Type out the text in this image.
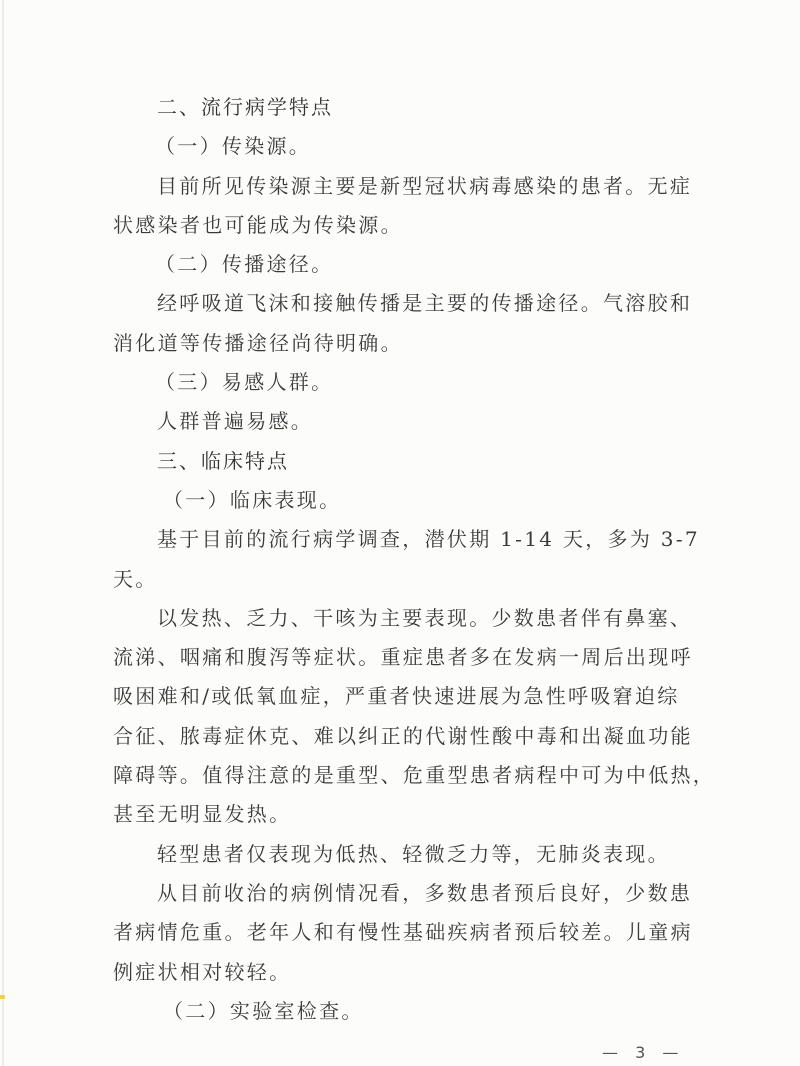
二、流行病学特点
（一）传染源。
目前所见传染源主要是新型冠状病毒感染的患者。无症
状感染者也可能成为传染源。
（二）传播途径。
经呼吸道飞沫和接触传播是主要的传播途径。气溶胶和
消化道等传播途径尚待明确。
（三）易感人群。
人群普遍易感。
三、临床特点
（一）临床表现。
基于目前的流行病学调查，潜伏期 1-14 天，多为 3-7
天。
以发热、乏力、干咳为主要表现。少数患者伴有鼻塞、
流涕、咽痛和腹泻等症状。重症患者多在发病一周后出现呼
吸困难和/或低氧血症，严重者快速进展为急性呼吸窘迫综
合征、脓毒症休克、难以纠正的代谢性酸中毒和出凝血功能
障碍等。值得注意的是重型、危重型患者病程中可为中低热，
甚至无明显发热。
轻型患者仅表现为低热、轻微乏力等，无肺炎表现。
从目前收治的病例情况看，多数患者预后良好，少数患
者病情危重。老年人和有慢性基础疾病者预后较差。儿童病
例症状相对较轻。
（二）实验室检查。
— 3 —
